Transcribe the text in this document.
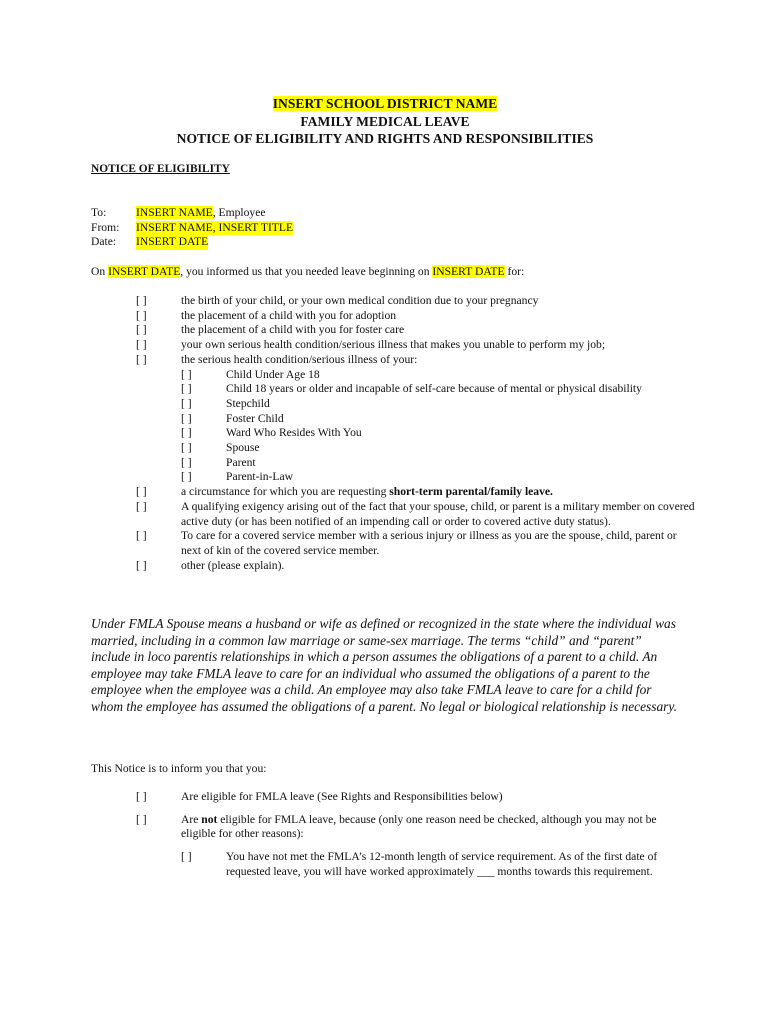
INSERT SCHOOL DISTRICT NAME
FAMILY MEDICAL LEAVE
NOTICE OF ELIGIBILITY AND RIGHTS AND RESPONSIBILITIES
NOTICE OF ELIGIBILITY
To:	INSERT NAME, Employee
From:	INSERT NAME, INSERT TITLE
Date:	INSERT DATE
On INSERT DATE, you informed us that you needed leave beginning on INSERT DATE for:
[ ]	the birth of your child, or your own medical condition due to your pregnancy
[ ]	the placement of a child with you for adoption
[ ]	the placement of a child with you for foster care
[ ]	your own serious health condition/serious illness that makes you unable to perform my job;
[ ]	the serious health condition/serious illness of your:
[ ]	Child Under Age 18
[ ]	Child 18 years or older and incapable of self-care because of mental or physical disability
[ ]	Stepchild
[ ]	Foster Child
[ ]	Ward Who Resides With You
[ ]	Spouse
[ ]	Parent
[ ]	Parent-in-Law
[ ]	a circumstance for which you are requesting short-term parental/family leave.
[ ]	A qualifying exigency arising out of the fact that your spouse, child, or parent is a military member on covered active duty (or has been notified of an impending call or order to covered active duty status).
[ ]	To care for a covered service member with a serious injury or illness as you are the spouse, child, parent or next of kin of the covered service member.
[ ]	other (please explain).
Under FMLA Spouse means a husband or wife as defined or recognized in the state where the individual was married, including in a common law marriage or same-sex marriage. The terms “child” and “parent” include in loco parentis relationships in which a person assumes the obligations of a parent to a child. An employee may take FMLA leave to care for an individual who assumed the obligations of a parent to the employee when the employee was a child. An employee may also take FMLA leave to care for a child for whom the employee has assumed the obligations of a parent. No legal or biological relationship is necessary.
This Notice is to inform you that you:
[ ]	Are eligible for FMLA leave (See Rights and Responsibilities below)
[ ]	Are not eligible for FMLA leave, because (only one reason need be checked, although you may not be eligible for other reasons):
[ ]	You have not met the FMLA’s 12-month length of service requirement. As of the first date of requested leave, you will have worked approximately ___ months towards this requirement.
